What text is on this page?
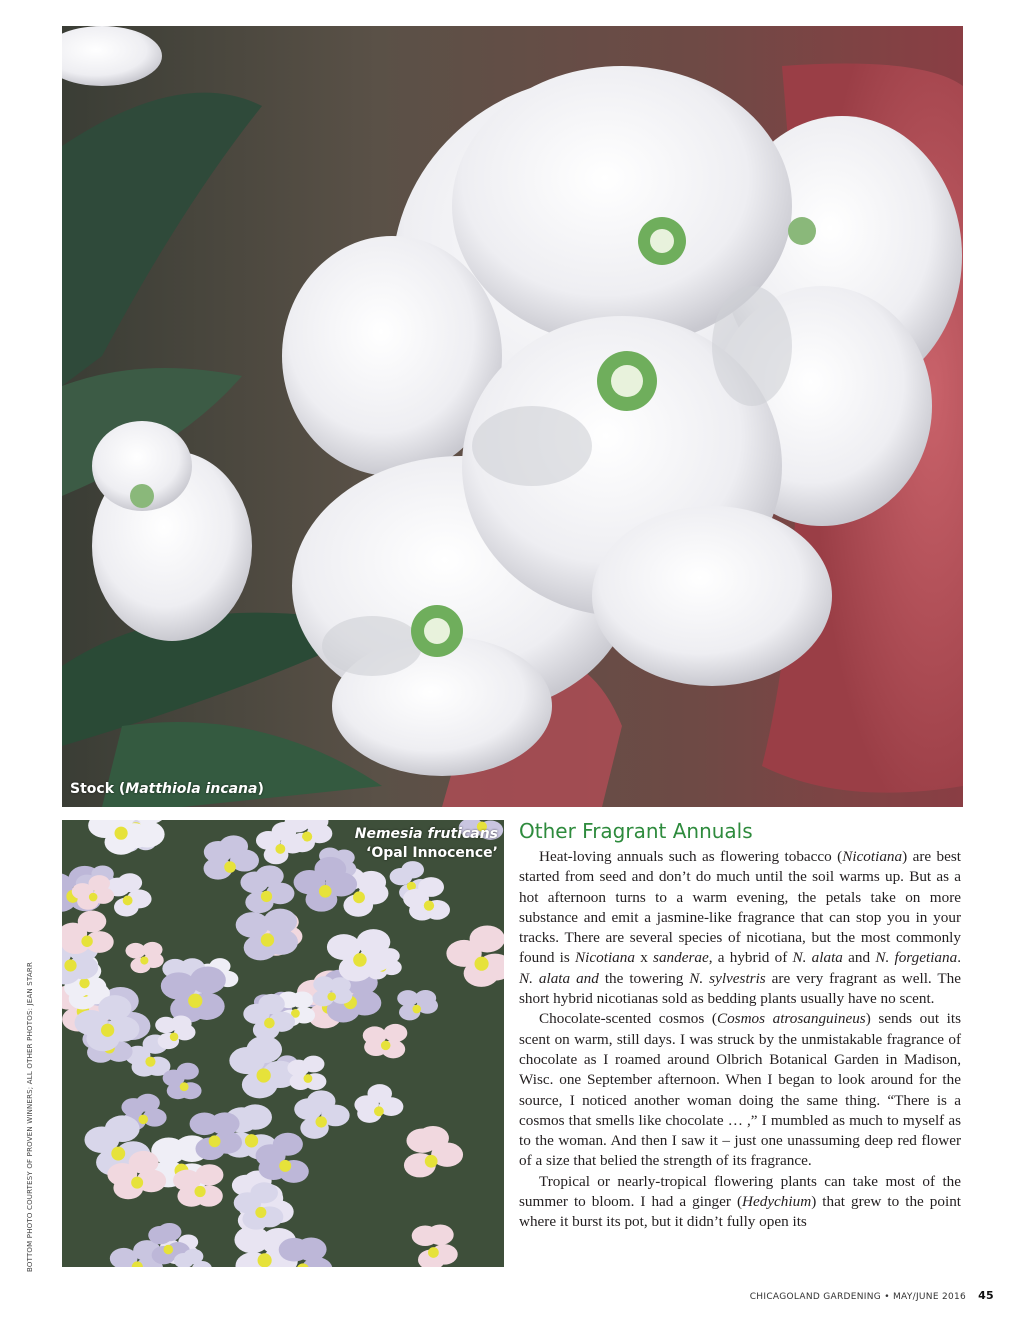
Stock (Matthiola incana)
Nemesia fruticans
‘Opal Innocence’
BOTTOM PHOTO COURTESY OF PROVEN WINNERS; ALL OTHER PHOTOS: JEAN STARR
Other Fragrant Annuals

Heat-loving annuals such as flowering tobacco (Nicotiana) are best started from seed and don’t do much until the soil warms up. But as a hot afternoon turns to a warm evening, the petals take on more substance and emit a jasmine-like fragrance that can stop you in your tracks. There are several species of nicotiana, but the most commonly found is Nicotiana x sanderae, a hybrid of N. alata and N. forgetiana. N. alata and the towering N. sylvestris are very fragrant as well. The short hybrid nicotianas sold as bedding plants usually have no scent.

Chocolate-scented cosmos (Cosmos atrosanguineus) sends out its scent on warm, still days. I was struck by the unmistakable fragrance of chocolate as I roamed around Olbrich Botanical Garden in Madison, Wisc. one September afternoon. When I began to look around for the source, I noticed another woman doing the same thing. “There is a cosmos that smells like chocolate … ,” I mumbled as much to myself as to the woman. And then I saw it – just one unassuming deep red flower of a size that belied the strength of its fragrance.

Tropical or nearly-tropical flowering plants can take most of the summer to bloom. I had a ginger (Hedychium) that grew to the point where it burst its pot, but it didn’t fully open its

CHICAGOLAND GARDENING • MAY/JUNE 2016 45
